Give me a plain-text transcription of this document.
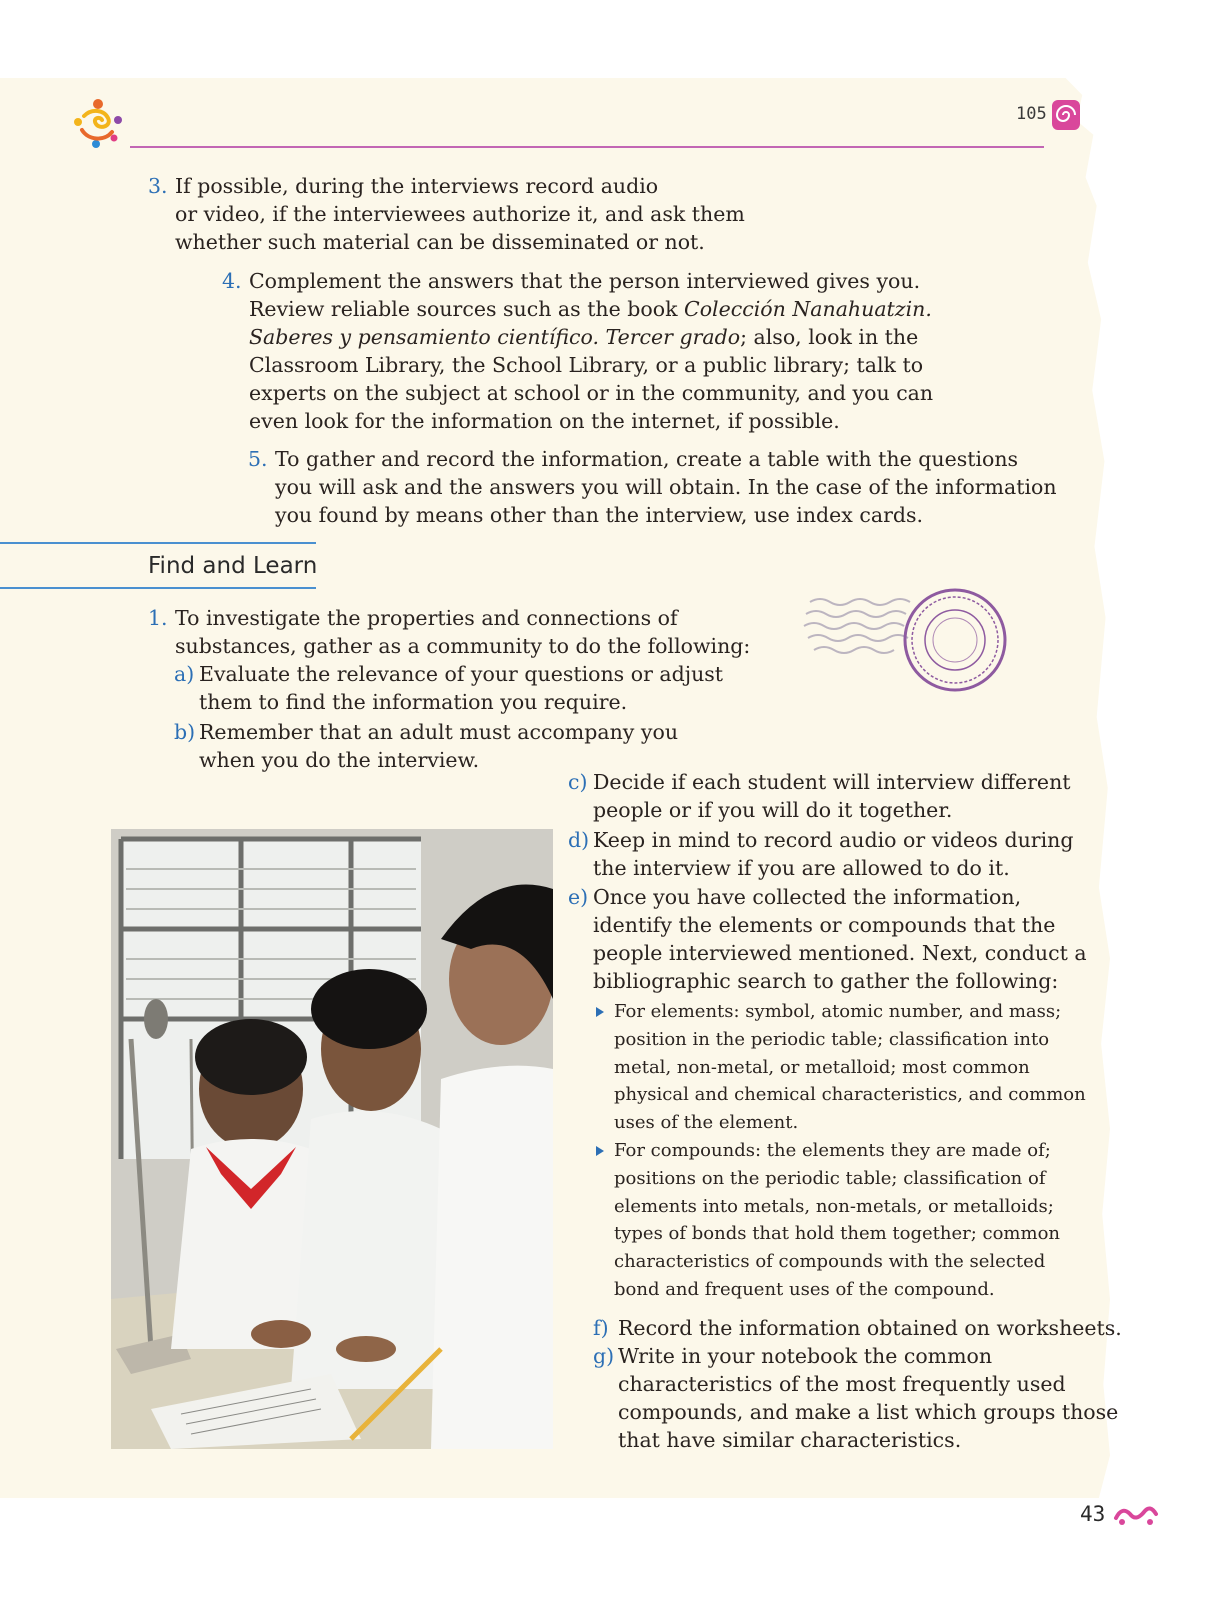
105
3. If possible, during the interviews record audio
or video, if the interviewees authorize it, and ask them
whether such material can be disseminated or not.
4. Complement the answers that the person interviewed gives you.
Review reliable sources such as the book Colección Nanahuatzin.
Saberes y pensamiento científico. Tercer grado; also, look in the
Classroom Library, the School Library, or a public library; talk to
experts on the subject at school or in the community, and you can
even look for the information on the internet, if possible.
5. To gather and record the information, create a table with the questions
you will ask and the answers you will obtain. In the case of the information
you found by means other than the interview, use index cards.
Find and Learn
1. To investigate the properties and connections of
substances, gather as a community to do the following:
a) Evaluate the relevance of your questions or adjust
them to find the information you require.
b) Remember that an adult must accompany you
when you do the interview.
c) Decide if each student will interview different
people or if you will do it together.
d) Keep in mind to record audio or videos during
the interview if you are allowed to do it.
e) Once you have collected the information,
identify the elements or compounds that the
people interviewed mentioned. Next, conduct a
bibliographic search to gather the following:
For elements: symbol, atomic number, and mass;
position in the periodic table; classification into
metal, non-metal, or metalloid; most common
physical and chemical characteristics, and common
uses of the element.
For compounds: the elements they are made of;
positions on the periodic table; classification of
elements into metals, non-metals, or metalloids;
types of bonds that hold them together; common
characteristics of compounds with the selected
bond and frequent uses of the compound.
f) Record the information obtained on worksheets.
g) Write in your notebook the common
characteristics of the most frequently used
compounds, and make a list which groups those
that have similar characteristics.
43
